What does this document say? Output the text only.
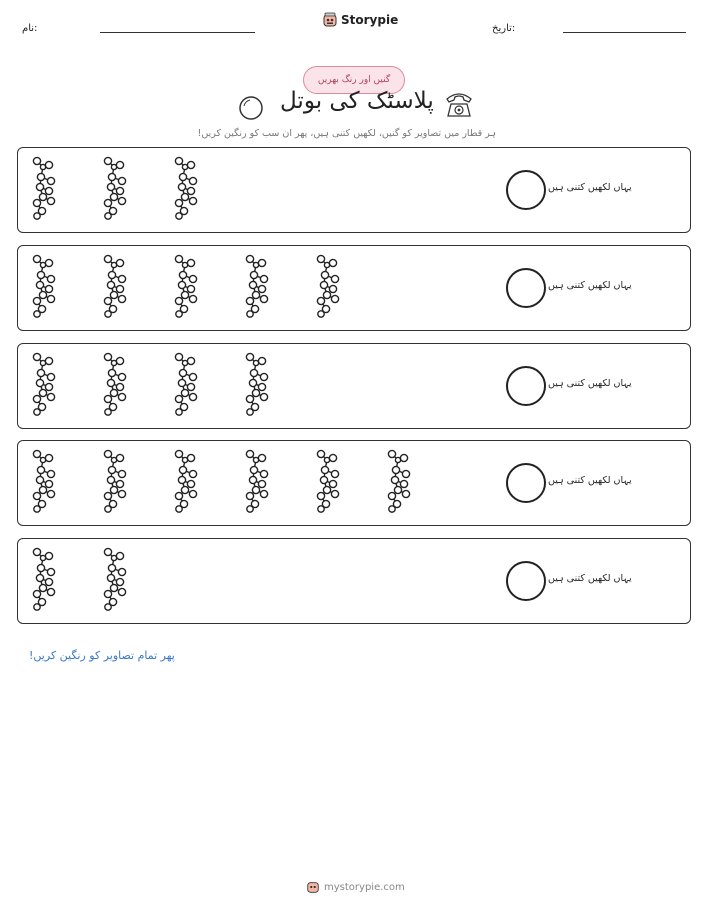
نام:
Storypie
تاریخ:
گنیں اور رنگ بھریں
پلاسٹک کی بوتل
ہر قطار میں تصاویر کو گنیں، لکھیں کتنی ہیں، پھر ان سب کو رنگین کریں!
یہاں لکھیں کتنی ہیں
یہاں لکھیں کتنی ہیں
یہاں لکھیں کتنی ہیں
یہاں لکھیں کتنی ہیں
یہاں لکھیں کتنی ہیں
پھر تمام تصاویر کو رنگین کریں!
mystorypie.com
